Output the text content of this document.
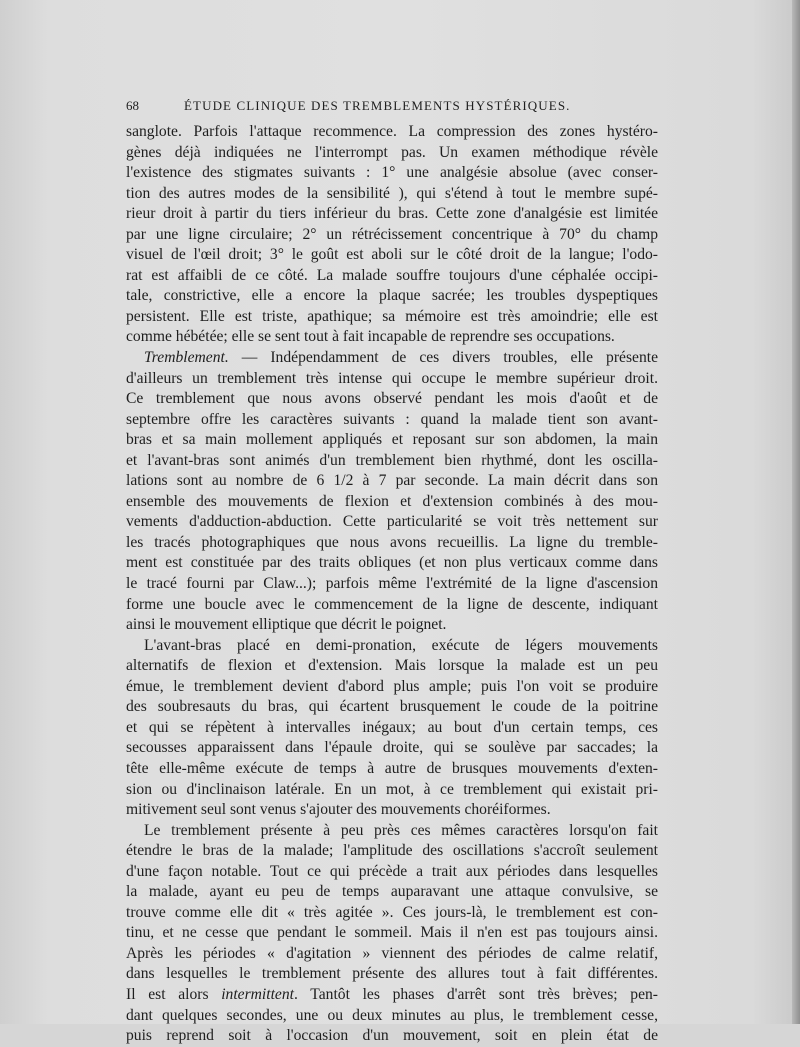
68	ÉTUDE CLINIQUE DES TREMBLEMENTS HYSTÉRIQUES.
sanglote. Parfois l'attaque recommence. La compression des zones hystéro-
gènes déjà indiquées ne l'interrompt pas. Un examen méthodique révèle
l'existence des stigmates suivants : 1° une analgésie absolue (avec conser-
tion des autres modes de la sensibilité ), qui s'étend à tout le membre supé-
rieur droit à partir du tiers inférieur du bras. Cette zone d'analgésie est limitée
par une ligne circulaire; 2° un rétrécissement concentrique à 70° du champ
visuel de l'œil droit; 3° le goût est aboli sur le côté droit de la langue; l'odo-
rat est affaibli de ce côté. La malade souffre toujours d'une céphalée occipi-
tale, constrictive, elle a encore la plaque sacrée; les troubles dyspeptiques
persistent. Elle est triste, apathique; sa mémoire est très amoindrie; elle est
comme hébétée; elle se sent tout à fait incapable de reprendre ses occupations.
Tremblement. — Indépendamment de ces divers troubles, elle présente
d'ailleurs un tremblement très intense qui occupe le membre supérieur droit.
Ce tremblement que nous avons observé pendant les mois d'août et de
septembre offre les caractères suivants : quand la malade tient son avant-
bras et sa main mollement appliqués et reposant sur son abdomen, la main
et l'avant-bras sont animés d'un tremblement bien rhythmé, dont les oscilla-
lations sont au nombre de 6 1/2 à 7 par seconde. La main décrit dans son
ensemble des mouvements de flexion et d'extension combinés à des mou-
vements d'adduction-abduction. Cette particularité se voit très nettement sur
les tracés photographiques que nous avons recueillis. La ligne du tremble-
ment est constituée par des traits obliques (et non plus verticaux comme dans
le tracé fourni par Claw...); parfois même l'extrémité de la ligne d'ascension
forme une boucle avec le commencement de la ligne de descente, indiquant
ainsi le mouvement elliptique que décrit le poignet.
L'avant-bras placé en demi-pronation, exécute de légers mouvements
alternatifs de flexion et d'extension. Mais lorsque la malade est un peu
émue, le tremblement devient d'abord plus ample; puis l'on voit se produire
des soubresauts du bras, qui écartent brusquement le coude de la poitrine
et qui se répètent à intervalles inégaux; au bout d'un certain temps, ces
secousses apparaissent dans l'épaule droite, qui se soulève par saccades; la
tête elle-même exécute de temps à autre de brusques mouvements d'exten-
sion ou d'inclinaison latérale. En un mot, à ce tremblement qui existait pri-
mitivement seul sont venus s'ajouter des mouvements choréiformes.
Le tremblement présente à peu près ces mêmes caractères lorsqu'on fait
étendre le bras de la malade; l'amplitude des oscillations s'accroît seulement
d'une façon notable. Tout ce qui précède a trait aux périodes dans lesquelles
la malade, ayant eu peu de temps auparavant une attaque convulsive, se
trouve comme elle dit « très agitée ». Ces jours-là, le tremblement est con-
tinu, et ne cesse que pendant le sommeil. Mais il n'en est pas toujours ainsi.
Après les périodes « d'agitation » viennent des périodes de calme relatif,
dans lesquelles le tremblement présente des allures tout à fait différentes.
Il est alors intermittent. Tantôt les phases d'arrêt sont très brèves; pen-
dant quelques secondes, une ou deux minutes au plus, le tremblement cesse,
puis reprend soit à l'occasion d'un mouvement, soit en plein état de
